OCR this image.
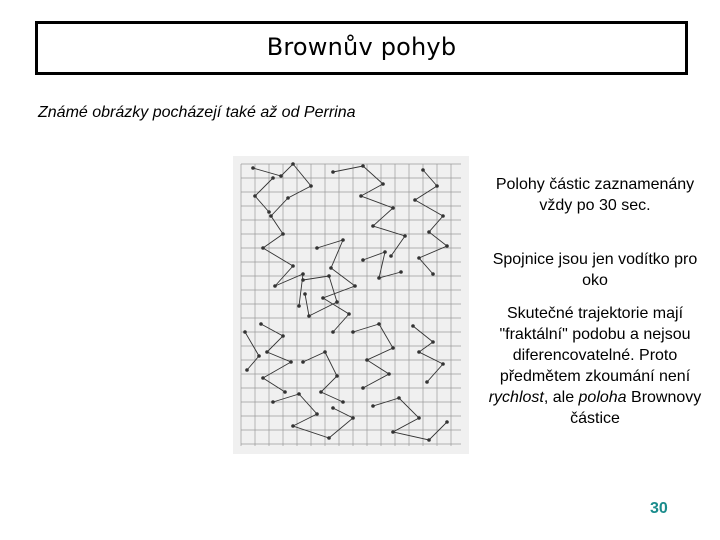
Brownův pohyb
Známé obrázky pocházejí také až od Perrina
Polohy částic zaznamenány vždy po 30 sec.
Spojnice jsou jen vodítko pro oko
Skutečné trajektorie mají "fraktální" podobu a nejsou diferencovatelné. Proto předmětem zkoumání není rychlost, ale poloha Brownovy částice
30
